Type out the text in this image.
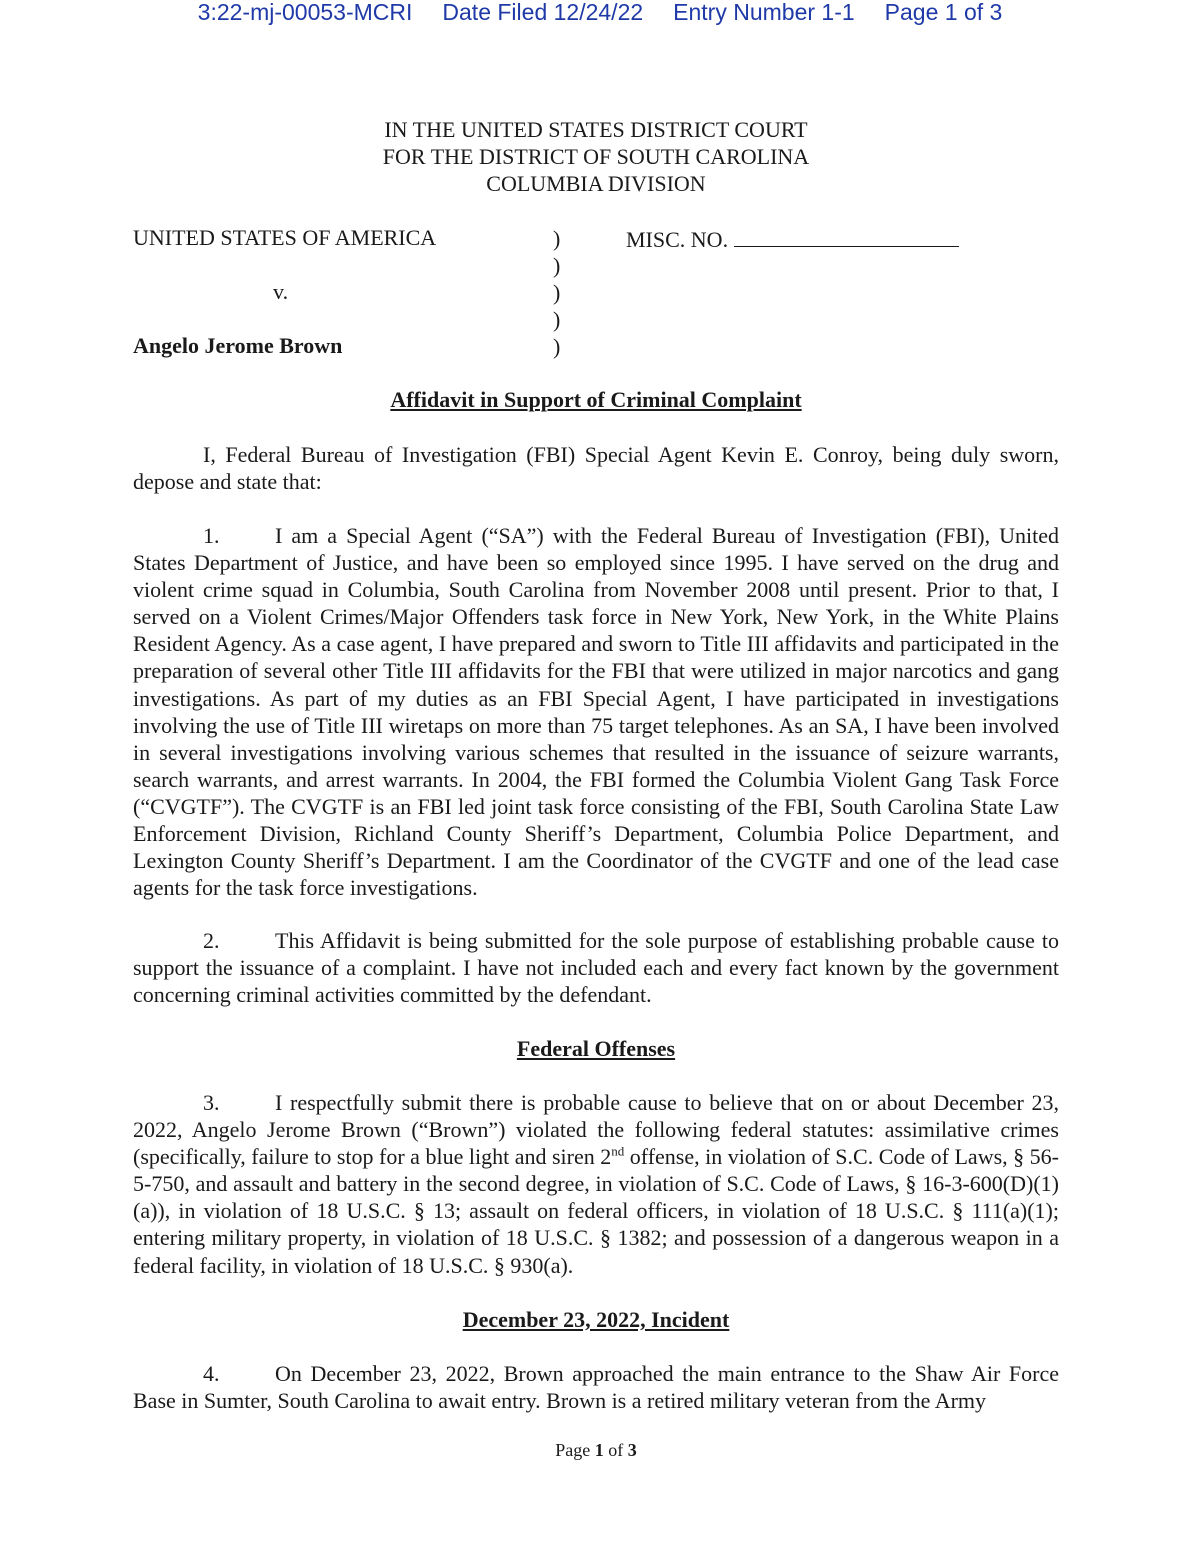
3:22-mj-00053-MCRI Date Filed 12/24/22 Entry Number 1-1 Page 1 of 3
IN THE UNITED STATES DISTRICT COURT
FOR THE DISTRICT OF SOUTH CAROLINA
COLUMBIA DIVISION
UNITED STATES OF AMERICA
v.
Angelo Jerome Brown
)
)
)
)
)
MISC. NO.
Affidavit in Support of Criminal Complaint

I, Federal Bureau of Investigation (FBI) Special Agent Kevin E. Conroy, being duly sworn, depose and state that:

1.	I am a Special Agent (“SA”) with the Federal Bureau of Investigation (FBI), United States Department of Justice, and have been so employed since 1995. I have served on the drug and violent crime squad in Columbia, South Carolina from November 2008 until present. Prior to that, I served on a Violent Crimes/Major Offenders task force in New York, New York, in the White Plains Resident Agency. As a case agent, I have prepared and sworn to Title III affidavits and participated in the preparation of several other Title III affidavits for the FBI that were utilized in major narcotics and gang investigations. As part of my duties as an FBI Special Agent, I have participated in investigations involving the use of Title III wiretaps on more than 75 target telephones. As an SA, I have been involved in several investigations involving various schemes that resulted in the issuance of seizure warrants, search warrants, and arrest warrants. In 2004, the FBI formed the Columbia Violent Gang Task Force (“CVGTF”). The CVGTF is an FBI led joint task force consisting of the FBI, South Carolina State Law Enforcement Division, Richland County Sheriff’s Department, Columbia Police Department, and Lexington County Sheriff’s Department. I am the Coordinator of the CVGTF and one of the lead case agents for the task force investigations.

2.	This Affidavit is being submitted for the sole purpose of establishing probable cause to support the issuance of a complaint. I have not included each and every fact known by the government concerning criminal activities committed by the defendant.

Federal Offenses

3.	I respectfully submit there is probable cause to believe that on or about December 23, 2022, Angelo Jerome Brown (“Brown”) violated the following federal statutes: assimilative crimes (specifically, failure to stop for a blue light and siren 2nd offense, in violation of S.C. Code of Laws, § 56-5-750, and assault and battery in the second degree, in violation of S.C. Code of Laws, § 16-3-600(D)(1)(a)), in violation of 18 U.S.C. § 13; assault on federal officers, in violation of 18 U.S.C. § 111(a)(1); entering military property, in violation of 18 U.S.C. § 1382; and possession of a dangerous weapon in a federal facility, in violation of 18 U.S.C. § 930(a).

December 23, 2022, Incident

4.	On December 23, 2022, Brown approached the main entrance to the Shaw Air Force Base in Sumter, South Carolina to await entry. Brown is a retired military veteran from the Army

Page 1 of 3
